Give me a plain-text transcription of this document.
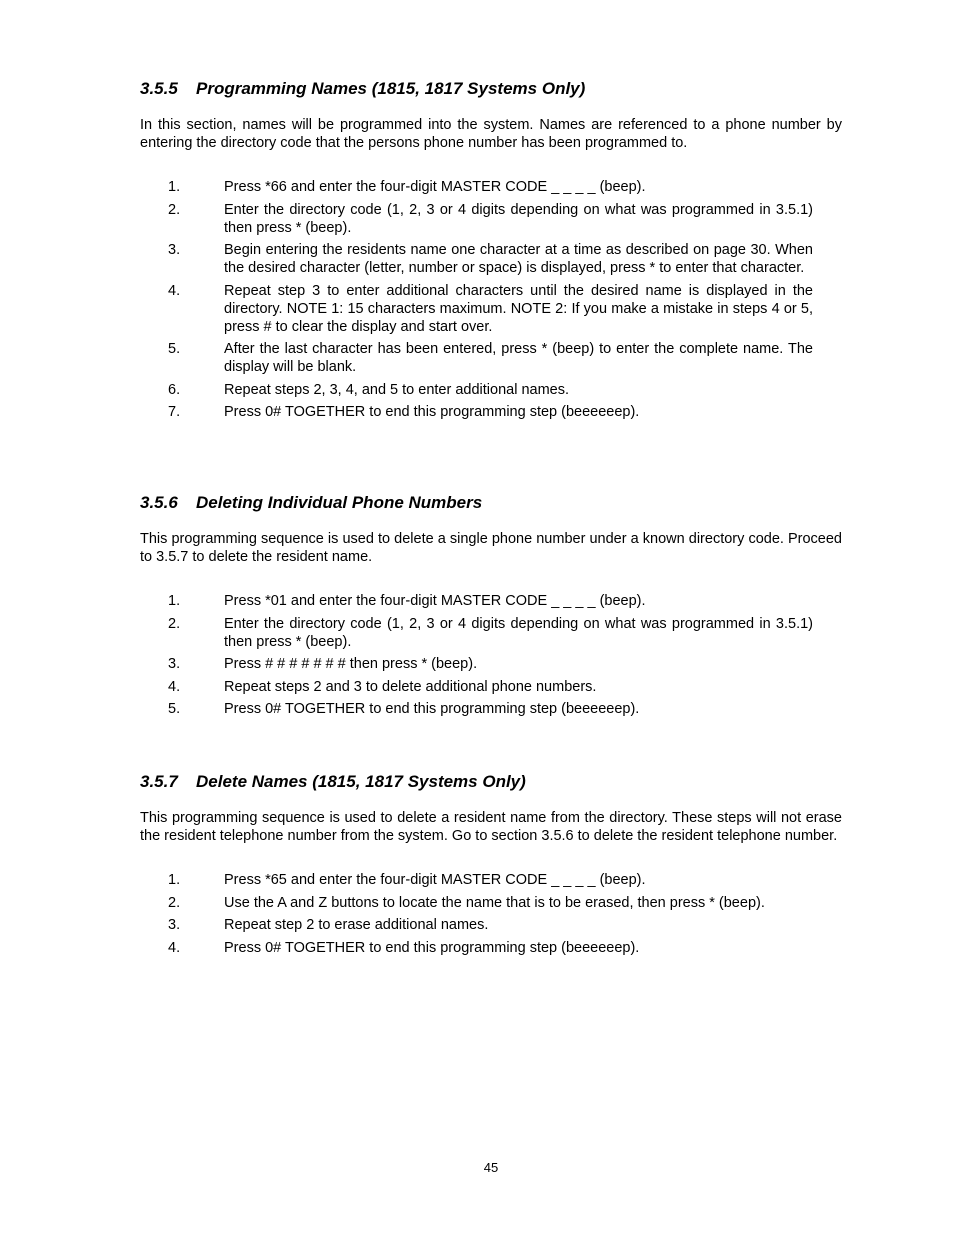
3.5.5 Programming Names (1815, 1817 Systems Only)

In this section, names will be programmed into the system. Names are referenced to a phone number by entering the directory code that the persons phone number has been programmed to.

1.	Press *66 and enter the four-digit MASTER CODE _ _ _ _ (beep).
2.	Enter the directory code (1, 2, 3 or 4 digits depending on what was programmed in 3.5.1) then press * (beep).
3.	Begin entering the residents name one character at a time as described on page 30. When the desired character (letter, number or space) is displayed, press * to enter that character.
4.	Repeat step 3 to enter additional characters until the desired name is displayed in the directory. NOTE 1: 15 characters maximum. NOTE 2: If you make a mistake in steps 4 or 5, press # to clear the display and start over.
5.	After the last character has been entered, press * (beep) to enter the complete name. The display will be blank.
6.	Repeat steps 2, 3, 4, and 5 to enter additional names.
7.	Press 0# TOGETHER to end this programming step (beeeeeep).
3.5.6 Deleting Individual Phone Numbers

This programming sequence is used to delete a single phone number under a known directory code. Proceed to 3.5.7 to delete the resident name.

1.	Press *01 and enter the four-digit MASTER CODE _ _ _ _ (beep).
2.	Enter the directory code (1, 2, 3 or 4 digits depending on what was programmed in 3.5.1) then press * (beep).
3.	Press # # # # # # # then press * (beep).
4.	Repeat steps 2 and 3 to delete additional phone numbers.
5.	Press 0# TOGETHER to end this programming step (beeeeeep).
3.5.7 Delete Names (1815, 1817 Systems Only)

This programming sequence is used to delete a resident name from the directory. These steps will not erase the resident telephone number from the system. Go to section 3.5.6 to delete the resident telephone number.

1.	Press *65 and enter the four-digit MASTER CODE _ _ _ _ (beep).
2.	Use the A and Z buttons to locate the name that is to be erased, then press * (beep).
3.	Repeat step 2 to erase additional names.
4.	Press 0# TOGETHER to end this programming step (beeeeeep).
45
